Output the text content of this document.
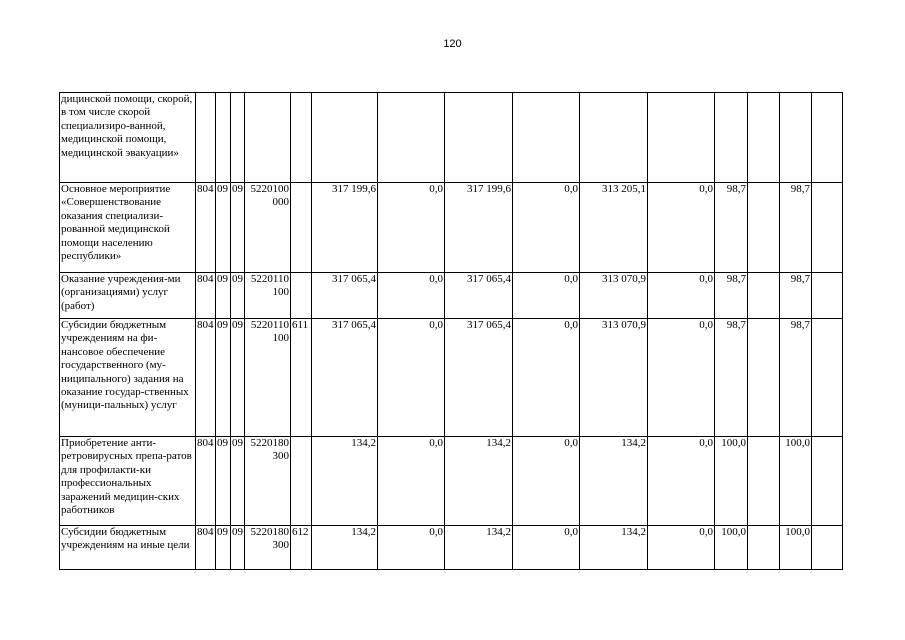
120
дицинской помощи, скорой, в том числе скорой специализиро-ванной, медицинской помощи, медицинской эвакуации»															
Основное мероприятие «Совершенствование оказания специализи-рованной медицинской помощи населению республики»	804	09	09	5220100000		317 199,6	0,0	317 199,6	0,0	313 205,1	0,0	98,7		98,7	
Оказание учреждения-ми (организациями) услуг (работ)	804	09	09	5220110100		317 065,4	0,0	317 065,4	0,0	313 070,9	0,0	98,7		98,7	
Субсидии бюджетным учреждениям на фи-нансовое обеспечение государственного (му-ниципального) задания на оказание государ-ственных (муници-пальных) услуг	804	09	09	5220110100	611	317 065,4	0,0	317 065,4	0,0	313 070,9	0,0	98,7		98,7	
Приобретение анти-ретровирусных препа-ратов для профилакти-ки профессиональных заражений медицин-ских работников	804	09	09	5220180300		134,2	0,0	134,2	0,0	134,2	0,0	100,0		100,0	
Субсидии бюджетным учреждениям на иные цели	804	09	09	5220180300	612	134,2	0,0	134,2	0,0	134,2	0,0	100,0		100,0	
